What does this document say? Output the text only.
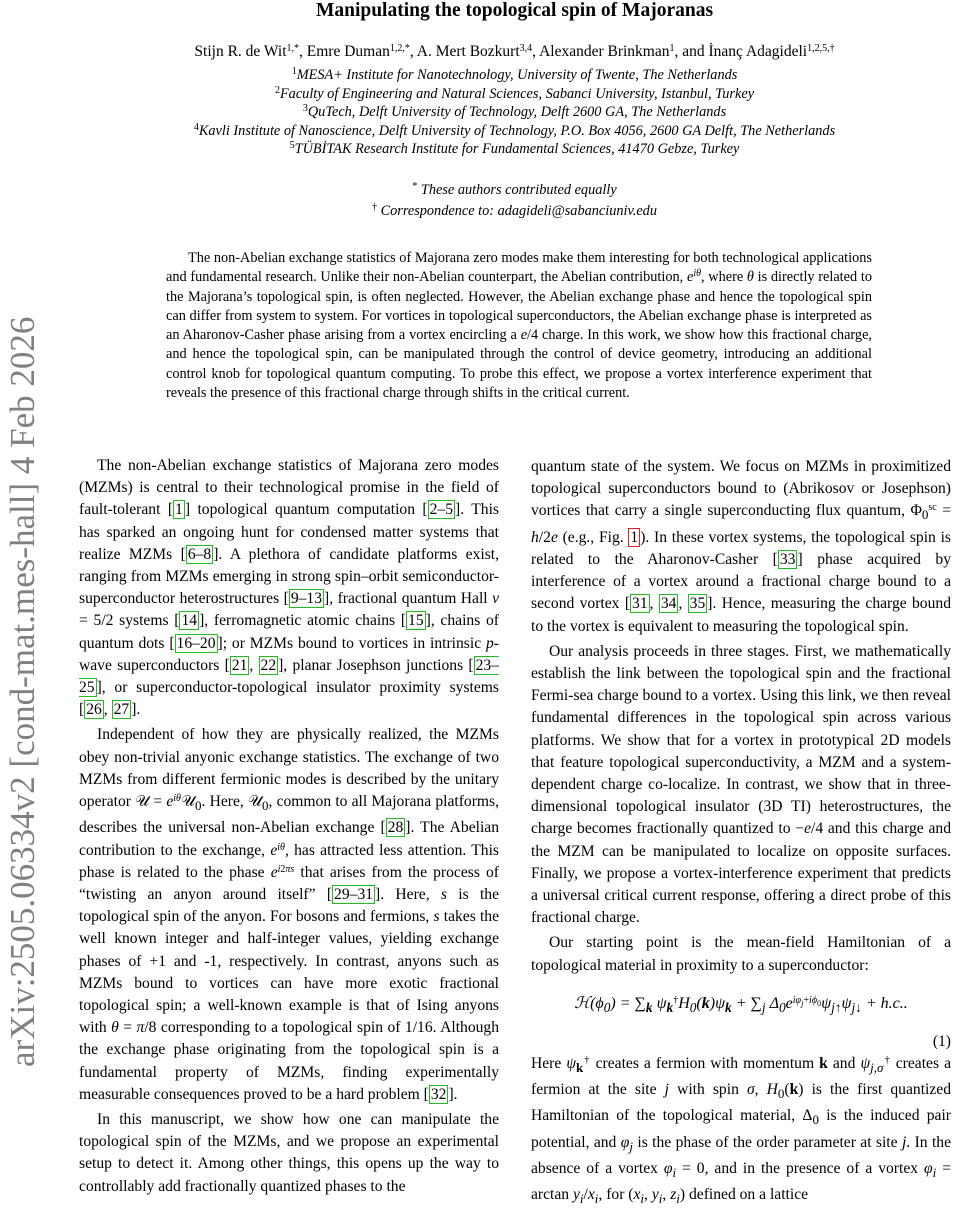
arXiv:2505.06334v2 [cond-mat.mes-hall] 4 Feb 2026
Manipulating the topological spin of Majoranas
Stijn R. de Wit$^{1,*}$, Emre Duman$^{1,2,*}$, A. Mert Bozkurt$^{3,4}$, Alexander Brinkman$^1$, and İnanç Adagideli$^{1,2,5,\dagger}$
$^1$MESA+ Institute for Nanotechnology, University of Twente, The Netherlands
$^2$Faculty of Engineering and Natural Sciences, Sabanci University, Istanbul, Turkey
$^3$QuTech, Delft University of Technology, Delft 2600 GA, The Netherlands
$^4$Kavli Institute of Nanoscience, Delft University of Technology, P.O. Box 4056, 2600 GA Delft, The Netherlands
$^5$TÜBİTAK Research Institute for Fundamental Sciences, 41470 Gebze, Turkey
* These authors contributed equally
† Correspondence to: adagideli@sabanciuniv.edu

The non-Abelian exchange statistics of Majorana zero modes make them interesting for both technological applications and fundamental research. Unlike their non-Abelian counterpart, the Abelian contribution, $e^{i\theta}$, where θ is directly related to the Majorana’s topological spin, is often neglected. However, the Abelian exchange phase and hence the topological spin can differ from system to system. For vortices in topological superconductors, the Abelian exchange phase is interpreted as an Aharonov-Casher phase arising from a vortex encircling a e/4 charge. In this work, we show how this fractional charge, and hence the topological spin, can be manipulated through the control of device geometry, introducing an additional control knob for topological quantum computing. To probe this effect, we propose a vortex interference experiment that reveals the presence of this fractional charge through shifts in the critical current.

The non-Abelian exchange statistics of Majorana zero modes (MZMs) is central to their technological promise in the field of fault-tolerant [ 1 ] topological quantum computation [ 2–5 ]. This has sparked an ongoing hunt for condensed matter systems that realize MZMs [ 6–8 ]. A plethora of candidate platforms exist, ranging from MZMs emerging in strong spin–orbit semiconductor-superconductor heterostructures [ 9–13 ], fractional quantum Hall ν = 5/2 systems [ 14 ], ferromagnetic atomic chains [ 15 ], chains of quantum dots [ 16–20 ]; or MZMs bound to vortices in intrinsic p-wave superconductors [ 21 , 22 ], planar Josephson junctions [ 23–25 ], or superconductor-topological insulator proximity systems [ 26 , 27 ].

Independent of how they are physically realized, the MZMs obey non-trivial anyonic exchange statistics. The exchange of two MZMs from different fermionic modes is described by the unitary operator 𝒰 = $e^{i\theta}𝒰_0$. Here, 𝒰$_0$, common to all Majorana platforms, describes the universal non-Abelian exchange [ 28 ]. The Abelian contribution to the exchange, $e^{i\theta}$, has attracted less attention. This phase is related to the phase $e^{i2\pi s}$ that arises from the process of “twisting an anyon around itself” [ 29–31 ]. Here, s is the topological spin of the anyon. For bosons and fermions, s takes the well known integer and half-integer values, yielding exchange phases of +1 and -1, respectively. In contrast, anyons such as MZMs bound to vortices can have more exotic fractional topological spin; a well-known example is that of Ising anyons with θ = π/8 corresponding to a topological spin of 1/16. Although the exchange phase originating from the topological spin is a fundamental property of MZMs, finding experimentally measurable consequences proved to be a hard problem [ 32 ].

In this manuscript, we show how one can manipulate the topological spin of the MZMs, and we propose an experimental setup to detect it. Among other things, this opens up the way to controllably add fractionally quantized phases to the

quantum state of the system. We focus on MZMs in proximitized topological superconductors bound to (Abrikosov or Josephson) vortices that carry a single superconducting flux quantum, $\Phi_0^{sc} = h/2e$ (e.g., Fig. 1 ). In these vortex systems, the topological spin is related to the Aharonov-Casher [ 33 ] phase acquired by interference of a vortex around a fractional charge bound to a second vortex [ 31 , 34 , 35 ]. Hence, measuring the charge bound to the vortex is equivalent to measuring the topological spin.

Our analysis proceeds in three stages. First, we mathematically establish the link between the topological spin and the fractional Fermi-sea charge bound to a vortex. Using this link, we then reveal fundamental differences in the topological spin across various platforms. We show that for a vortex in prototypical 2D models that feature topological superconductivity, a MZM and a system-dependent charge co-localize. In contrast, we show that in three-dimensional topological insulator (3D TI) heterostructures, the charge becomes fractionally quantized to −e/4 and this charge and the MZM can be manipulated to localize on opposite surfaces. Finally, we propose a vortex-interference experiment that predicts a universal critical current response, offering a direct probe of this fractional charge.

Our starting point is the mean-field Hamiltonian of a topological material in proximity to a superconductor:

$ℋ(\phi_0) = \sum_k$ $\psi_k^\dagger H_0(k)\psi_k + \sum_j$ $\Delta_0e^{i\varphi_j+i\phi_0}\psi_{j↑}\psi_{j↓} + h.c$..
(1)

Here $\psi_k^\dagger$ creates a fermion with momentum k and $\psi_{j,\sigma}^\dagger$ creates a fermion at the site j with spin σ, $H_0(k)$ is the first quantized Hamiltonian of the topological material, $\Delta_0$ is the induced pair potential, and $\varphi_j$ is the phase of the order parameter at site j. In the absence of a vortex $\varphi_i = 0$, and in the presence of a vortex $\varphi_i = \arctan y_i/x_i$, for ($x_i$, $y_i$, $z_i$) defined on a lattice
